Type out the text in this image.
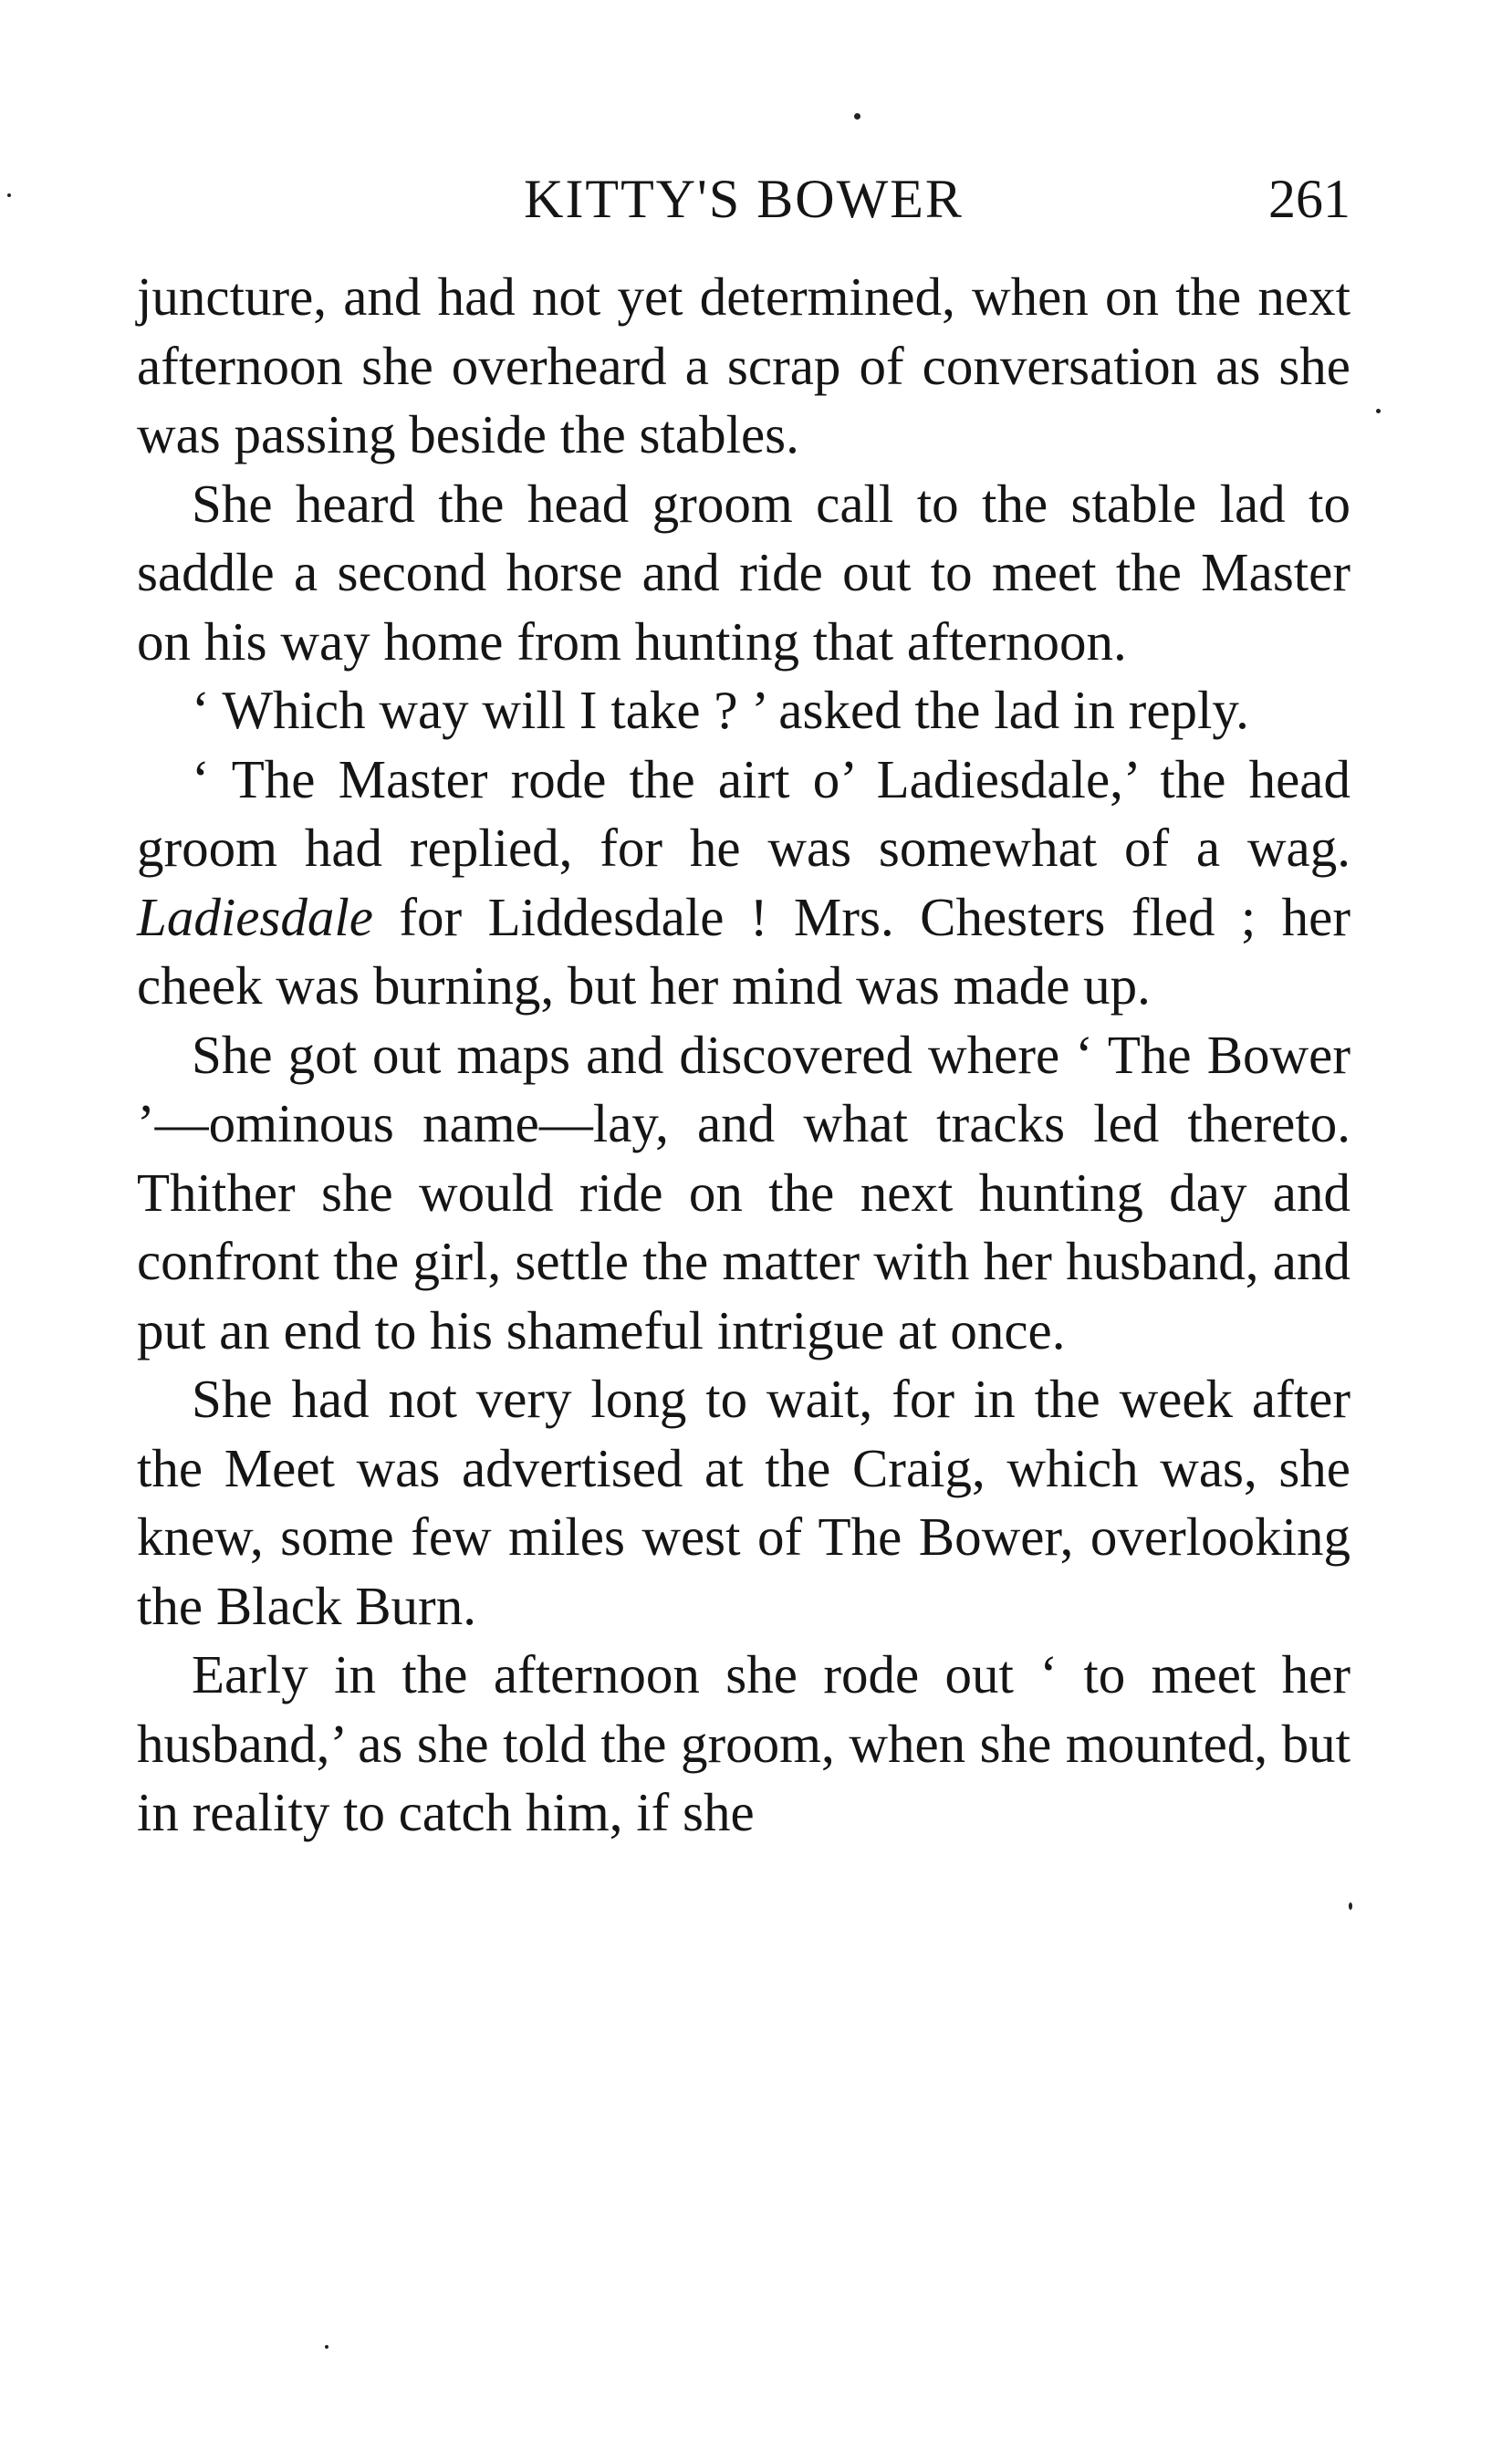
KITTY'S BOWER	261

juncture, and had not yet determined, when on the next afternoon she overheard a scrap of conversation as she was passing beside the stables.

She heard the head groom call to the stable lad to saddle a second horse and ride out to meet the Master on his way home from hunting that afternoon.

‘ Which way will I take ? ’ asked the lad in reply.

‘ The Master rode the airt o’ Ladiesdale,’ the head groom had replied, for he was somewhat of a wag. Ladiesdale for Liddesdale ! Mrs. Chesters fled ; her cheek was burning, but her mind was made up.

She got out maps and discovered where ‘ The Bower ’—ominous name—lay, and what tracks led thereto. Thither she would ride on the next hunting day and confront the girl, settle the matter with her husband, and put an end to his shameful intrigue at once.

She had not very long to wait, for in the week after the Meet was advertised at the Craig, which was, she knew, some few miles west of The Bower, overlooking the Black Burn.

Early in the afternoon she rode out ‘ to meet her husband,’ as she told the groom, when she mounted, but in reality to catch him, if she
